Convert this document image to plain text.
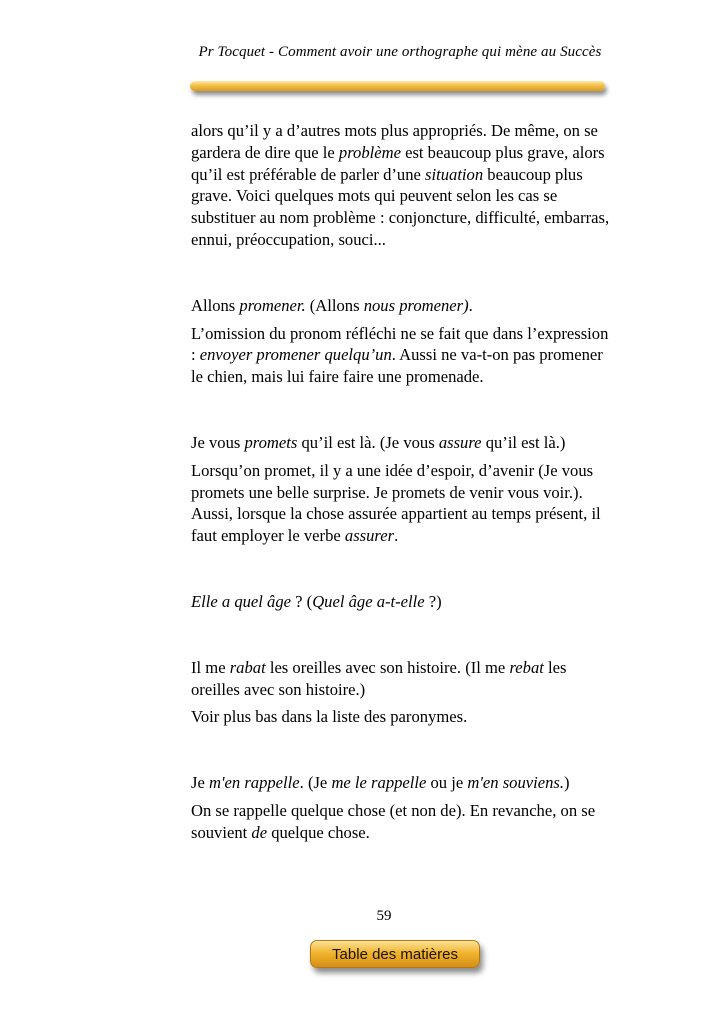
Pr Tocquet - Comment avoir une orthographe qui mène au Succès

alors qu’il y a d’autres mots plus appropriés. De même, on se gardera de dire que le problème est beaucoup plus grave, alors qu’il est préférable de parler d’une situation beaucoup plus grave. Voici quelques mots qui peuvent selon les cas se substituer au nom problème : conjoncture, difficulté, embarras, ennui, préoccupation, souci...

Allons promener. (Allons nous promener).

L’omission du pronom réfléchi ne se fait que dans l’expression : envoyer promener quelqu’un. Aussi ne va-t-on pas promener le chien, mais lui faire faire une promenade.

Je vous promets qu’il est là. (Je vous assure qu’il est là.)

Lorsqu’on promet, il y a une idée d’espoir, d’avenir (Je vous promets une belle surprise. Je promets de venir vous voir.). Aussi, lorsque la chose assurée appartient au temps présent, il faut employer le verbe assurer.

Elle a quel âge ? (Quel âge a-t-elle ?)

Il me rabat les oreilles avec son histoire. (Il me rebat les oreilles avec son histoire.)

Voir plus bas dans la liste des paronymes.

Je m'en rappelle. (Je me le rappelle ou je m'en souviens.)

On se rappelle quelque chose (et non de). En revanche, on se souvient de quelque chose.

59
Table des matières
